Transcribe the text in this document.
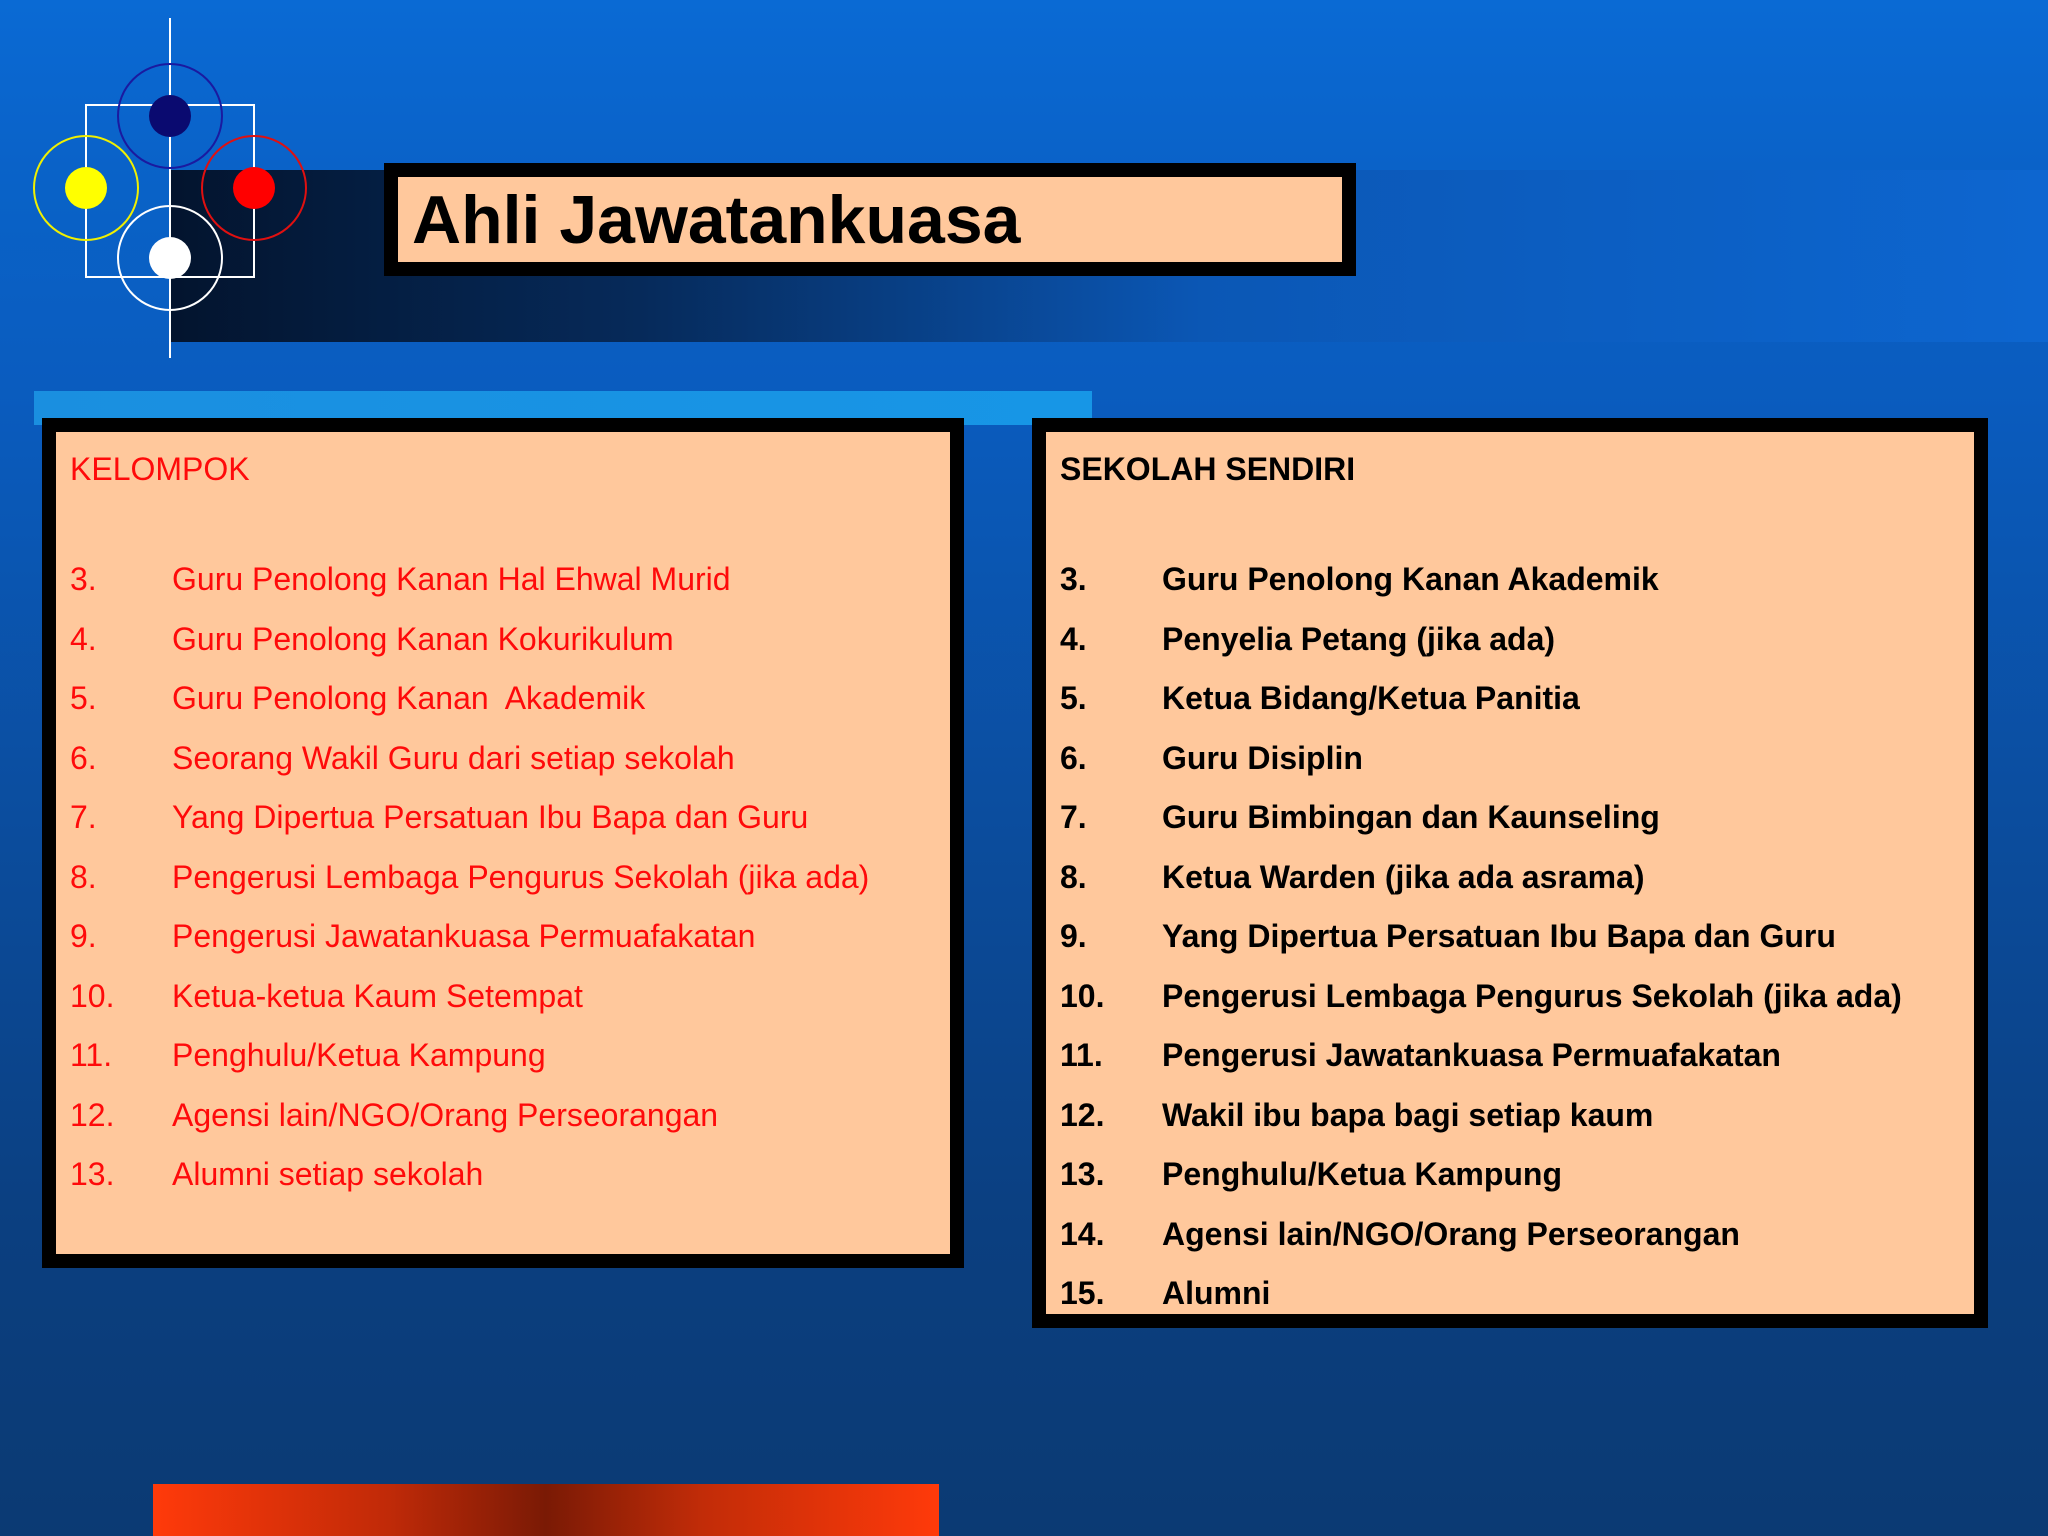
Ahli Jawatankuasa
KELOMPOK
3.	Guru Penolong Kanan Hal Ehwal Murid
4.	Guru Penolong Kanan Kokurikulum
5.	Guru Penolong Kanan  Akademik
6.	Seorang Wakil Guru dari setiap sekolah
7.	Yang Dipertua Persatuan Ibu Bapa dan Guru
8.	Pengerusi Lembaga Pengurus Sekolah (jika ada)
9.	Pengerusi Jawatankuasa Permuafakatan
10.	Ketua-ketua Kaum Setempat
11.	Penghulu/Ketua Kampung
12.	Agensi lain/NGO/Orang Perseorangan
13.	Alumni setiap sekolah
SEKOLAH SENDIRI
3.	Guru Penolong Kanan Akademik
4.	Penyelia Petang (jika ada)
5.	Ketua Bidang/Ketua Panitia
6.	Guru Disiplin
7.	Guru Bimbingan dan Kaunseling
8.	Ketua Warden (jika ada asrama)
9.	Yang Dipertua Persatuan Ibu Bapa dan Guru
10.	Pengerusi Lembaga Pengurus Sekolah (jika ada)
11.	Pengerusi Jawatankuasa Permuafakatan
12.	Wakil ibu bapa bagi setiap kaum
13.	Penghulu/Ketua Kampung
14.	Agensi lain/NGO/Orang Perseorangan
15.	Alumni
